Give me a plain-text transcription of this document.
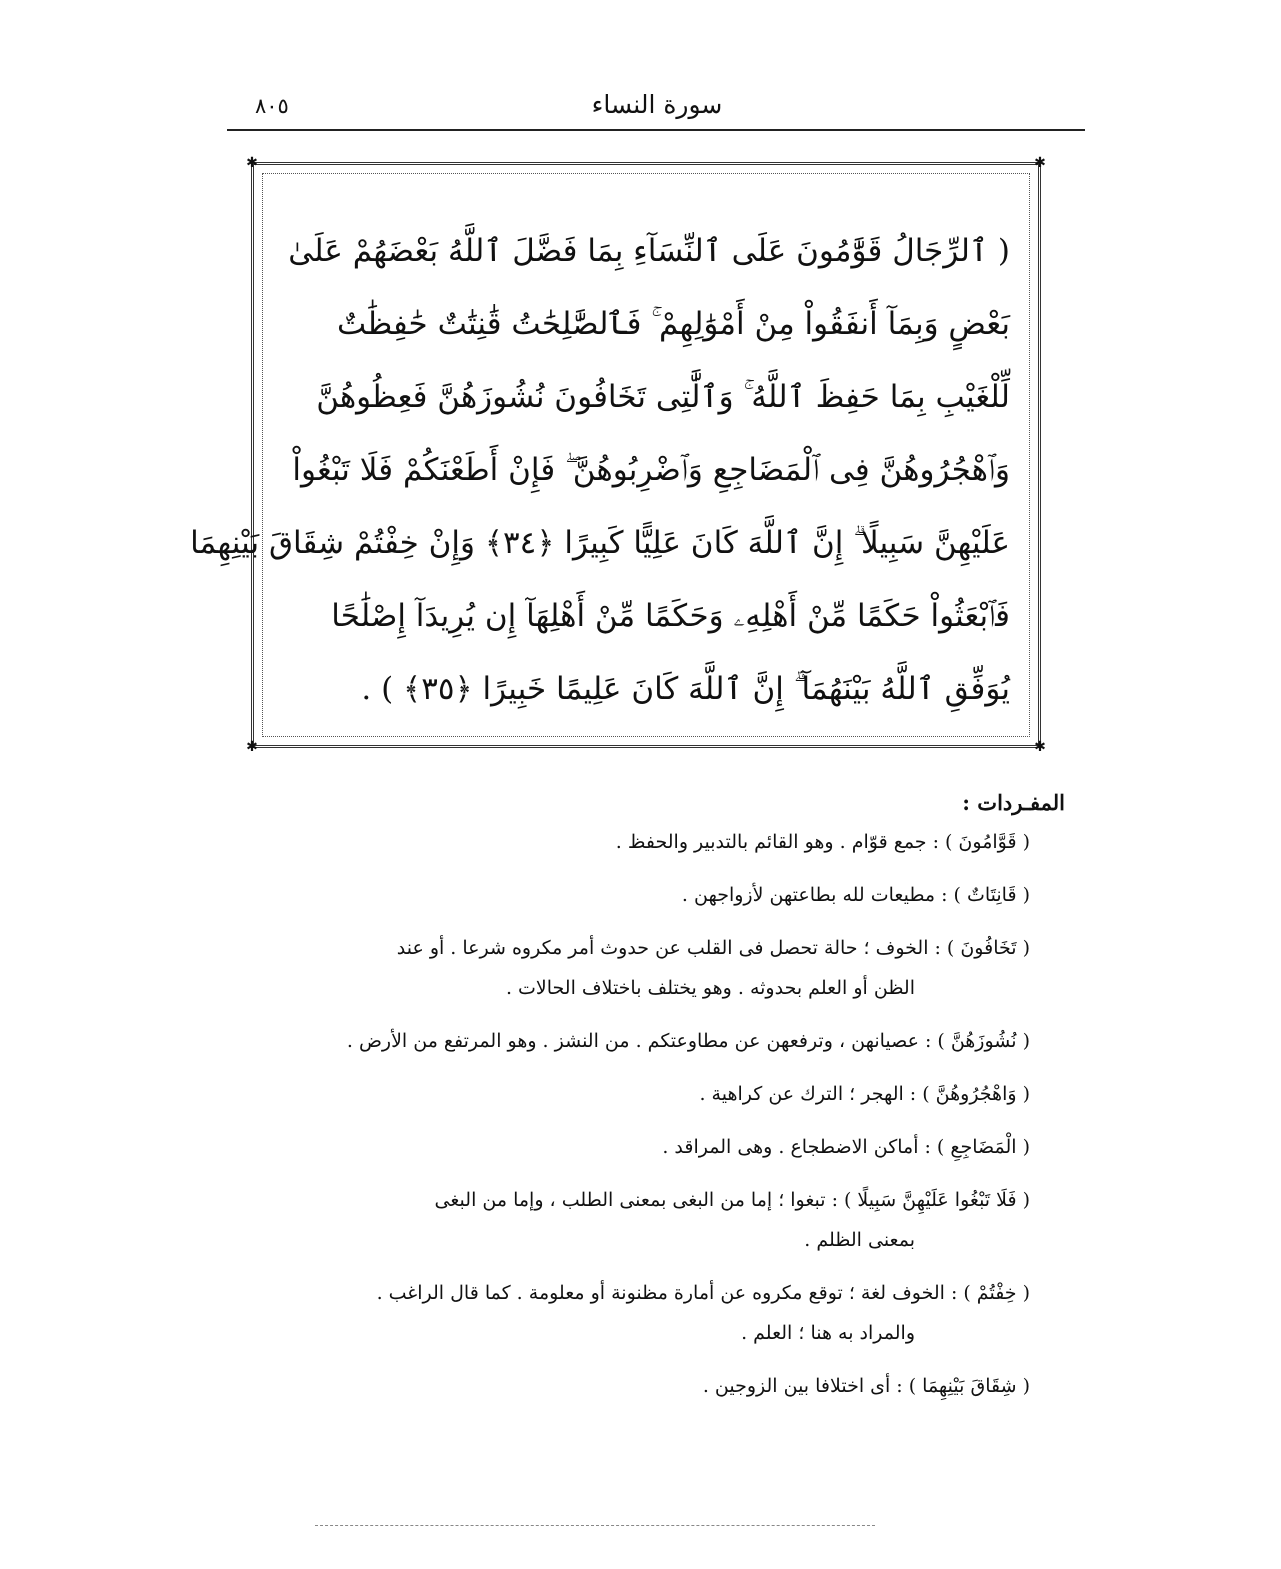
٨٠٥	سورة النساء
✱	✱
✱	✱
( ٱلرِّجَالُ قَوَّٰمُونَ عَلَى ٱلنِّسَآءِ بِمَا فَضَّلَ ٱللَّهُ بَعْضَهُمْ عَلَىٰ
بَعْضٍ وَبِمَآ أَنفَقُواْ مِنْ أَمْوَٰلِهِمْ ۚ فَٱلصَّٰلِحَٰتُ قَٰنِتَٰتٌ حَٰفِظَٰتٌ
لِّلْغَيْبِ بِمَا حَفِظَ ٱللَّهُ ۚ وَٱلَّٰتِى تَخَافُونَ نُشُوزَهُنَّ فَعِظُوهُنَّ
وَٱهْجُرُوهُنَّ فِى ٱلْمَضَاجِعِ وَٱضْرِبُوهُنَّ ۖ فَإِنْ أَطَعْنَكُمْ فَلَا تَبْغُواْ
عَلَيْهِنَّ سَبِيلًا ۗ إِنَّ ٱللَّهَ كَانَ عَلِيًّا كَبِيرًا ﴿٣٤﴾ وَإِنْ خِفْتُمْ شِقَاقَ بَيْنِهِمَا
فَٱبْعَثُواْ حَكَمًا مِّنْ أَهْلِهِۦ وَحَكَمًا مِّنْ أَهْلِهَآ إِن يُرِيدَآ إِصْلَٰحًا
يُوَفِّقِ ٱللَّهُ بَيْنَهُمَآ ۗ إِنَّ ٱللَّهَ كَانَ عَلِيمًا خَبِيرًا ﴿٣٥﴾ ) .
المفـردات :
( قَوَّامُونَ ):جمع قوّام . وهو القائم بالتدبير والحفظ .
( قَانِتَاتٌ ):مطيعات لله بطاعتهن لأزواجهن .
( تَخَافُونَ ):الخوف ؛ حالة تحصل فى القلب عن حدوث أمر مكروه شرعا . أو عند
الظن أو العلم بحدوثه . وهو يختلف باختلاف الحالات .
( نُشُوزَهُنَّ ):عصيانهن ، وترفعهن عن مطاوعتكم . من النشز . وهو المرتفع من الأرض .
( وَاهْجُرُوهُنَّ ):الهجر ؛ الترك عن كراهية .
( الْمَضَاجِعِ ):أماكن الاضطجاع . وهى المراقد .
( فَلَا تَبْغُوا عَلَيْهِنَّ سَبِيلًا ):تبغوا ؛ إما من البغى بمعنى الطلب ، وإما من البغى
بمعنى الظلم .
( خِفْتُمْ ):الخوف لغة ؛ توقع مكروه عن أمارة مظنونة أو معلومة . كما قال الراغب .
والمراد به هنا ؛ العلم .
( شِقَاقَ بَيْنِهِمَا ):أى اختلافا بين الزوجين .
